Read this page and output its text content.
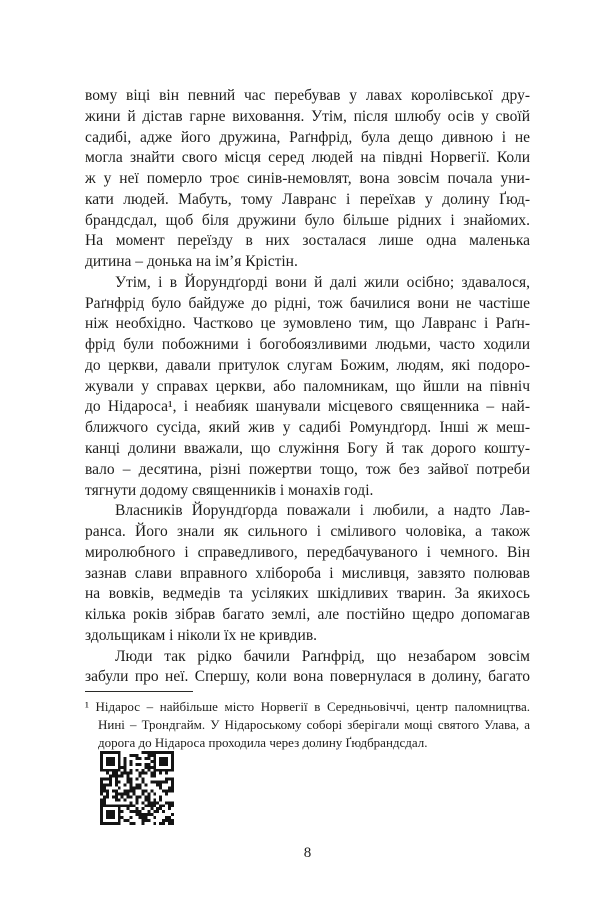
вому віці він певний час перебував у лавах королівської дру-
жини й дістав гарне виховання. Утім, після шлюбу осів у своїй
садибі, адже його дружина, Раґнфрід, була дещо дивною і не
могла знайти свого місця серед людей на півдні Норвегії. Коли
ж у неї померло троє синів-немовлят, вона зовсім почала уни-
кати людей. Мабуть, тому Лавранс і переїхав у долину Ґюд-
брандсдал, щоб біля дружини було більше рідних і знайомих.
На момент переїзду в них зосталася лише одна маленька
дитина – донька на ім’я Крістін.
Утім, і в Йорундґорді вони й далі жили осібно; здавалося,
Раґнфрід було байдуже до рідні, тож бачилися вони не частіше
ніж необхідно. Частково це зумовлено тим, що Лавранс і Раґн-
фрід були побожними і богобоязливими людьми, часто ходили
до церкви, давали притулок слугам Божим, людям, які подоро-
жували у справах церкви, або паломникам, що йшли на північ
до Нідароса¹, і неабияк шанували місцевого священника – най-
ближчого сусіда, який жив у садибі Ромундґорд. Інші ж меш-
канці долини вважали, що служіння Богу й так дорого кошту-
вало – десятина, різні пожертви тощо, тож без зайвої потреби
тягнути додому священників і монахів годі.
Власників Йорундґорда поважали і любили, а надто Лав-
ранса. Його знали як сильного і сміливого чоловіка, а також
миролюбного і справедливого, передбачуваного і чемного. Він
зазнав слави вправного хлібороба і мисливця, завзято полював
на вовків, ведмедів та усіляких шкідливих тварин. За якихось
кілька років зібрав багато землі, але постійно щедро допомагав
здольщикам і ніколи їх не кривдив.
Люди так рідко бачили Раґнфрід, що незабаром зовсім
забули про неї. Спершу, коли вона повернулася в долину, багато
¹ Нідарос – найбільше місто Норвегії в Середньовіччі, центр паломництва.
Нині – Трондгайм. У Нідароському соборі зберігали мощі святого Улава, а
дорога до Нідароса проходила через долину Ґюдбрандсдал.
8
